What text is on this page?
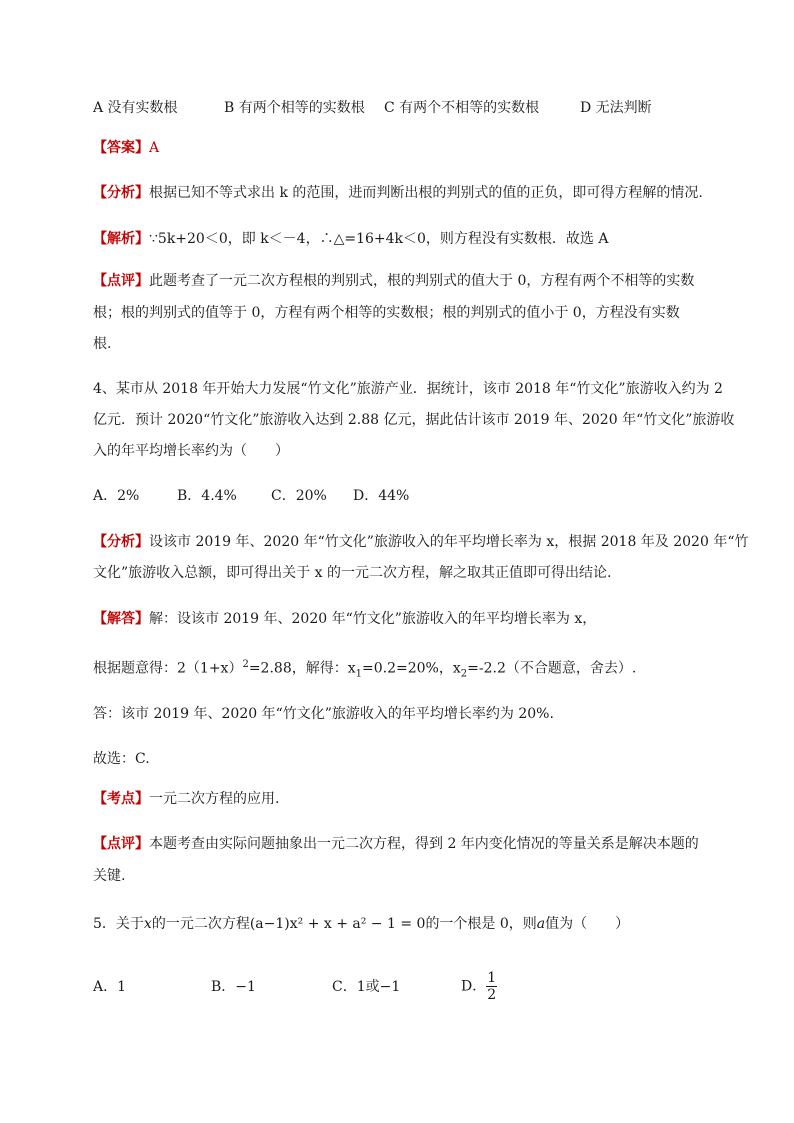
A 没有实数根	B 有两个相等的实数根 C 有两个不相等的实数根	D 无法判断
【答案】A
【分析】根据已知不等式求出 k 的范围，进而判断出根的判别式的值的正负，即可得方程解的情况.
【解析】∵5k+20＜0，即 k＜－4，∴△=16+4k＜0，则方程没有实数根．故选 A
【点评】此题考查了一元二次方程根的判别式，根的判别式的值大于 0，方程有两个不相等的实数
根；根的判别式的值等于 0，方程有两个相等的实数根；根的判别式的值小于 0，方程没有实数
根.
4、某市从 2018 年开始大力发展“竹文化”旅游产业．据统计，该市 2018 年“竹文化”旅游收入约为 2
亿元．预计 2020“竹文化”旅游收入达到 2.88 亿元，据此估计该市 2019 年、2020 年“竹文化”旅游收
入的年平均增长率约为（　　）
A．2%	B．4.4% C．20% D．44%
【分析】设该市 2019 年、2020 年“竹文化”旅游收入的年平均增长率为 x，根据 2018 年及 2020 年“竹
文化”旅游收入总额，即可得出关于 x 的一元二次方程，解之取其正值即可得出结论.
【解答】解：设该市 2019 年、2020 年“竹文化”旅游收入的年平均增长率为 x，
根据题意得：$2(1+x)^2=2.88$，解得：$x_1=0.2=20\%$，$x_2=-2.2$（不合题意，舍去）.
答：该市 2019 年、2020 年“竹文化”旅游收入的年平均增长率约为 20%.
故选：C.
【考点】一元二次方程的应用.
【点评】本题考查由实际问题抽象出一元二次方程，得到 2 年内变化情况的等量关系是解决本题的
关键.
5．关于x的一元二次方程(a−1)x² + x + a² − 1 = 0的一个根是 0，则a值为（　　）
A．1	B．−1	C．1或−1	D． $\frac{1}{2}$
